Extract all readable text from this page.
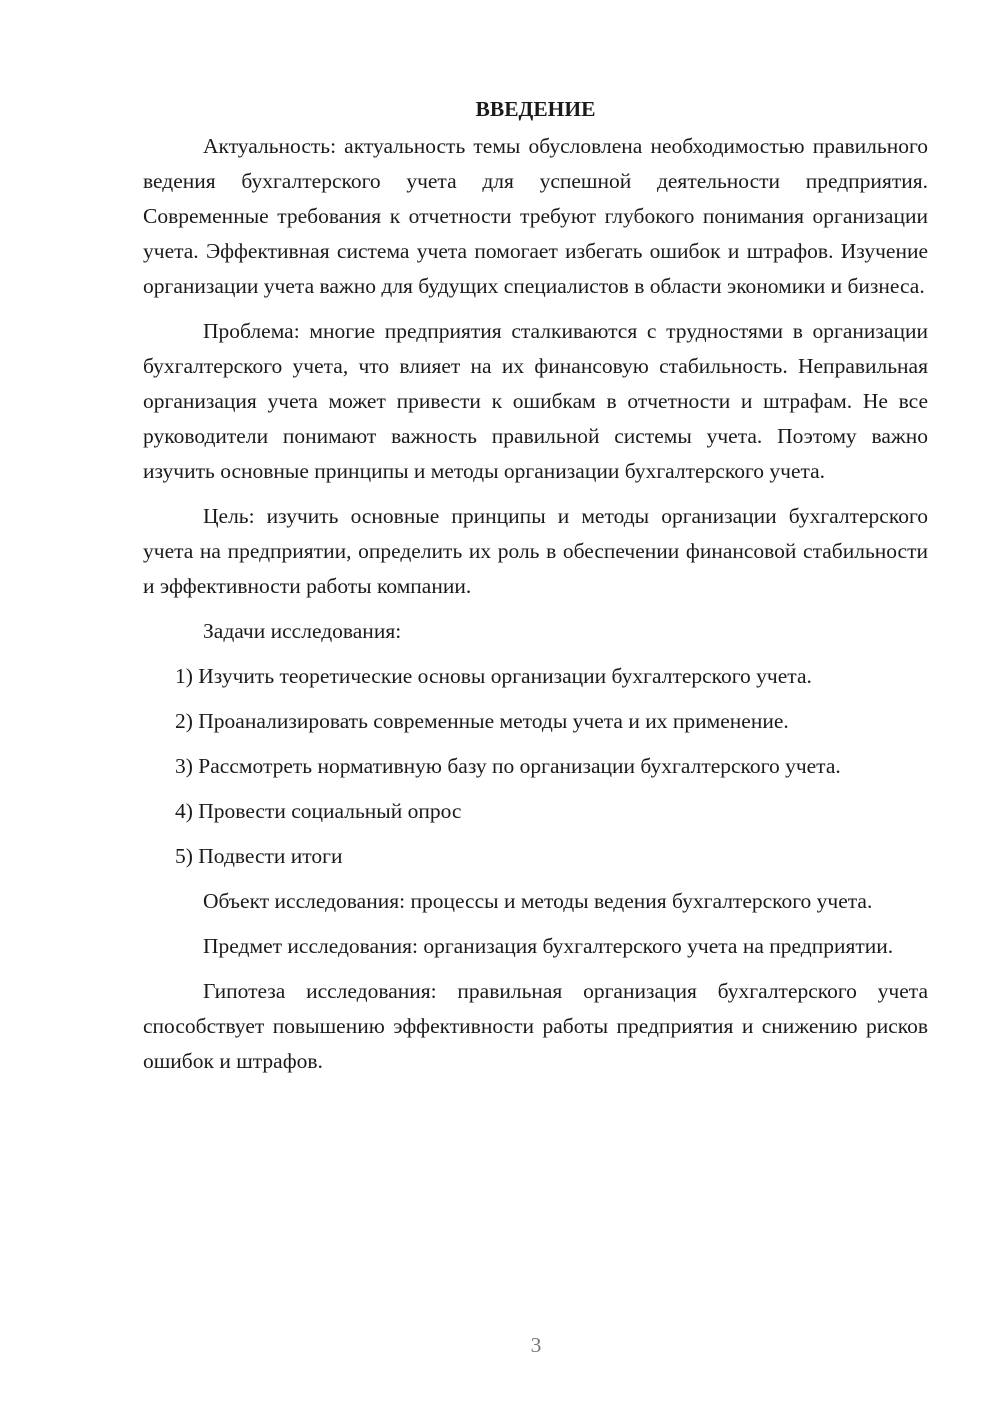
ВВЕДЕНИЕ

Актуальность: актуальность темы обусловлена необходимостью правильного ведения бухгалтерского учета для успешной деятельности предприятия. Современные требования к отчетности требуют глубокого понимания организации учета. Эффективная система учета помогает избегать ошибок и штрафов. Изучение организации учета важно для будущих специалистов в области экономики и бизнеса.

Проблема: многие предприятия сталкиваются с трудностями в организации бухгалтерского учета, что влияет на их финансовую стабильность. Неправильная организация учета может привести к ошибкам в отчетности и штрафам. Не все руководители понимают важность правильной системы учета. Поэтому важно изучить основные принципы и методы организации бухгалтерского учета.

Цель: изучить основные принципы и методы организации бухгалтерского учета на предприятии, определить их роль в обеспечении финансовой стабильности и эффективности работы компании.

Задачи исследования:

1) Изучить теоретические основы организации бухгалтерского учета.

2) Проанализировать современные методы учета и их применение.

3) Рассмотреть нормативную базу по организации бухгалтерского учета.

4) Провести социальный опрос

5) Подвести итоги

Объект исследования: процессы и методы ведения бухгалтерского учета.

Предмет исследования: организация бухгалтерского учета на предприятии.

Гипотеза исследования: правильная организация бухгалтерского учета способствует повышению эффективности работы предприятия и снижению рисков ошибок и штрафов.

3
